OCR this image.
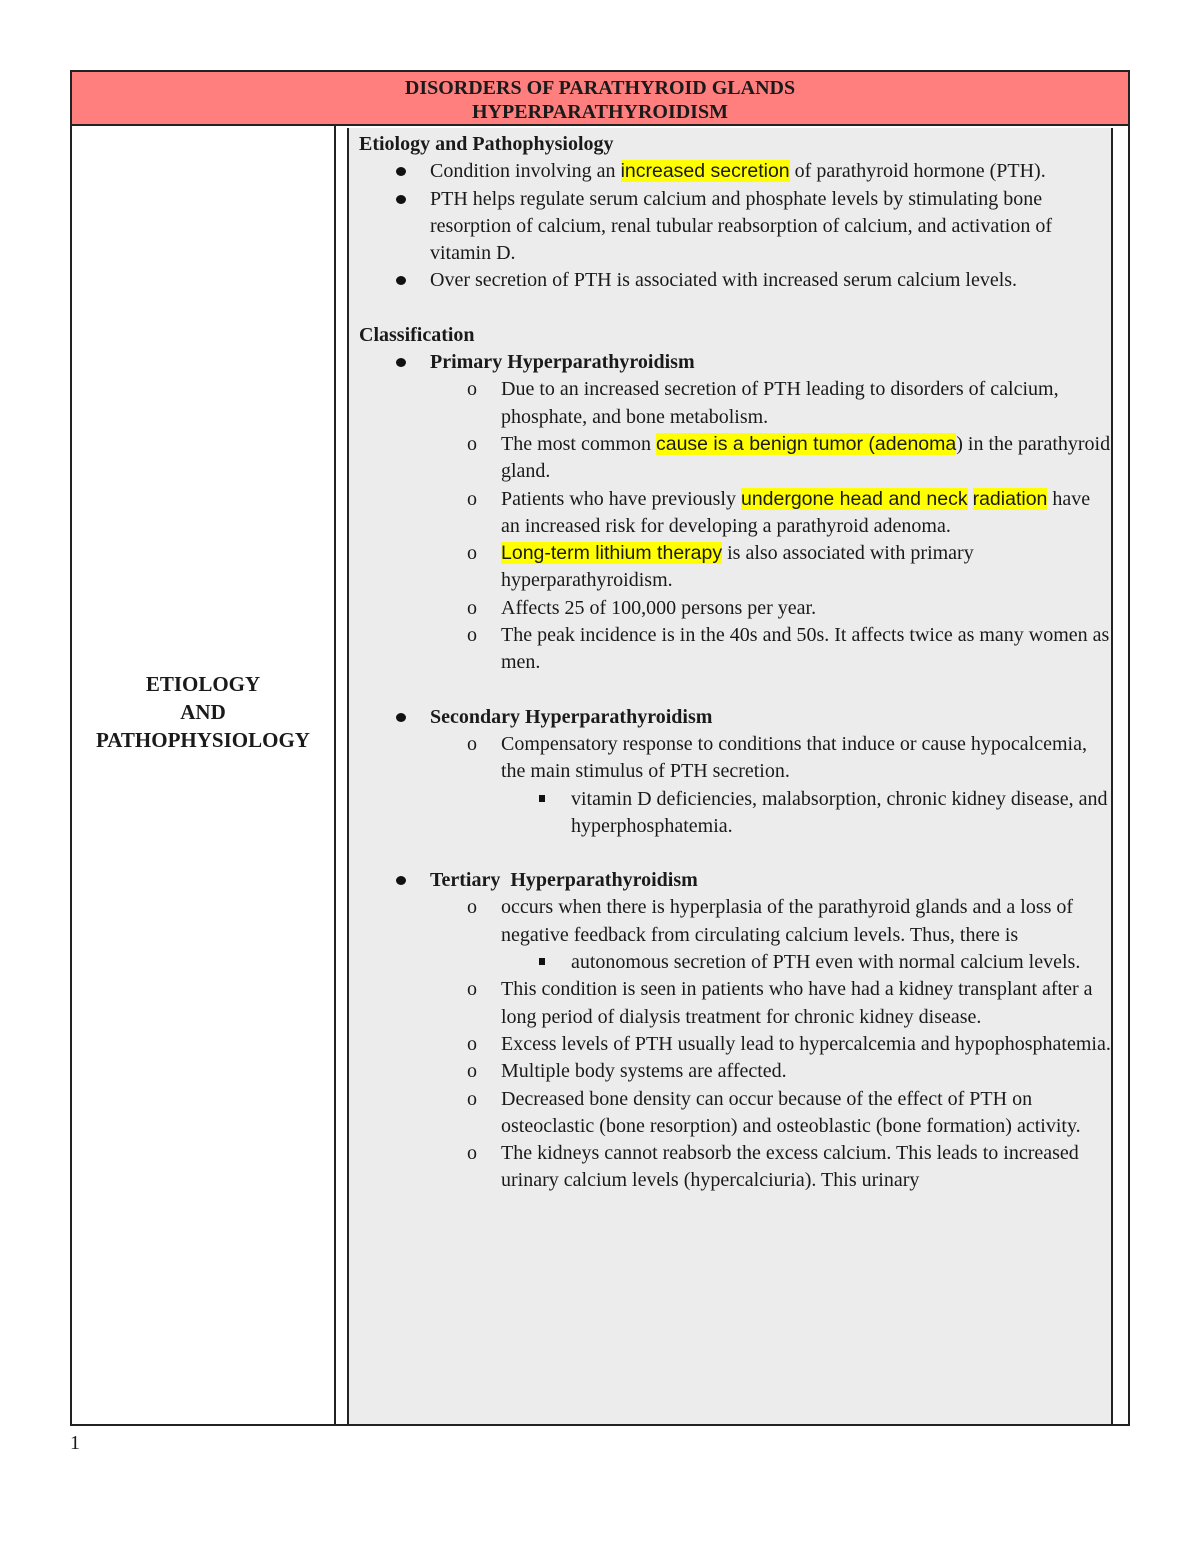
DISORDERS OF PARATHYROID GLANDS
HYPERPARATHYROIDISM
ETIOLOGY
AND
PATHOPHYSIOLOGY
Etiology and Pathophysiology
Condition involving an increased secretion of parathyroid hormone (PTH).
PTH helps regulate serum calcium and phosphate levels by stimulating bone resorption of calcium, renal tubular reabsorption of calcium, and activation of vitamin D.
Over secretion of PTH is associated with increased serum calcium levels.
Classification
Primary Hyperparathyroidism
o Due to an increased secretion of PTH leading to disorders of calcium, phosphate, and bone metabolism.
o The most common cause is a benign tumor (adenoma) in the parathyroid gland.
o Patients who have previously undergone head and neck radiation have an increased risk for developing a parathyroid adenoma.
o Long-term lithium therapy is also associated with primary hyperparathyroidism.
o Affects 25 of 100,000 persons per year.
o The peak incidence is in the 40s and 50s. It affects twice as many women as men.
Secondary Hyperparathyroidism
o Compensatory response to conditions that induce or cause hypocalcemia, the main stimulus of PTH secretion.
vitamin D deficiencies, malabsorption, chronic kidney disease, and hyperphosphatemia.
Tertiary  Hyperparathyroidism
o occurs when there is hyperplasia of the parathyroid glands and a loss of negative feedback from circulating calcium levels. Thus, there is
autonomous secretion of PTH even with normal calcium levels.
o This condition is seen in patients who have had a kidney transplant after a long period of dialysis treatment for chronic kidney disease.
o Excess levels of PTH usually lead to hypercalcemia and hypophosphatemia.
o Multiple body systems are affected.
o Decreased bone density can occur because of the effect of PTH on osteoclastic (bone resorption) and osteoblastic (bone formation) activity.
o The kidneys cannot reabsorb the excess calcium. This leads to increased urinary calcium levels (hypercalciuria). This urinary
1
